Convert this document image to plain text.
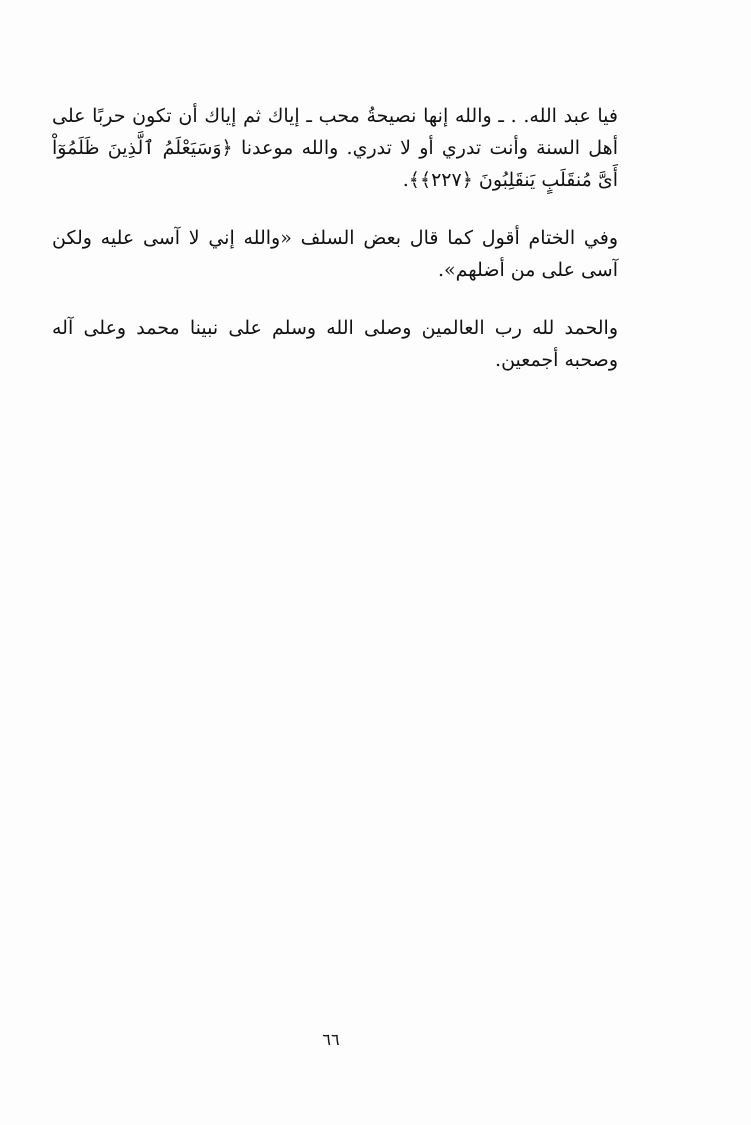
فيا عبد الله. . ـ والله إنها نصيحةُ محب ـ إياك ثم إياك أن تكون حربًا على أهل السنة وأنت تدري أو لا تدري. والله موعدنا ﴿وَسَيَعْلَمُ ٱلَّذِينَ ظَلَمُوٓاْ أَىَّ مُنقَلَبٍ يَنقَلِبُونَ ﴿٢٢٧﴾﴾.

وفي الختام أقول كما قال بعض السلف «والله إني لا آسى عليه ولكن آسى على من أضلهم».

والحمد لله رب العالمين وصلى الله وسلم على نبينا محمد وعلى آله وصحبه أجمعين.

٦٦
